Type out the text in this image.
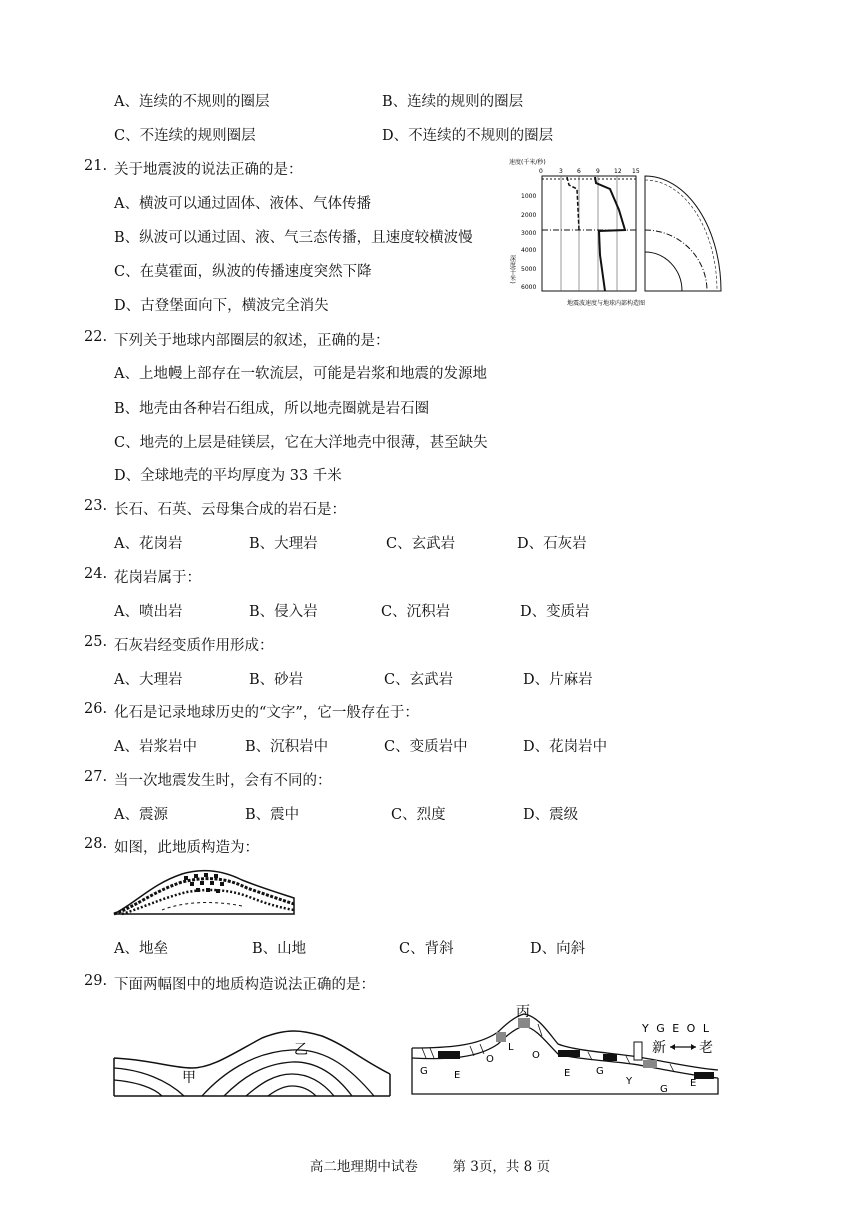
A、连续的不规则的圈层	B、连续的规则的圈层
C、不连续的规则圈层	D、不连续的不规则的圈层
21. 关于地震波的说法正确的是：
A、横波可以通过固体、液体、气体传播
B、纵波可以通过固、液、气三态传播，且速度较横波慢
C、在莫霍面，纵波的传播速度突然下降
D、古登堡面向下，横波完全消失
速度(千米/秒)
0	3 6	9 12 15
1000
2000
3000
4000
5000
6000
深度(千米)
地震波速度与地球内部构造图
22. 下列关于地球内部圈层的叙述，正确的是：
A、上地幔上部存在一软流层，可能是岩浆和地震的发源地
B、地壳由各种岩石组成，所以地壳圈就是岩石圈
C、地壳的上层是硅镁层，它在大洋地壳中很薄，甚至缺失
D、全球地壳的平均厚度为 33 千米
23. 长石、石英、云母集合成的岩石是：
A、花岗岩	B、大理岩	C、玄武岩	D、石灰岩
24. 花岗岩属于：
A、喷出岩	B、侵入岩	C、沉积岩	D、变质岩
25. 石灰岩经变质作用形成：
A、大理岩	B、砂岩	C、玄武岩	D、片麻岩
26. 化石是记录地球历史的“文字”，它一般存在于：
A、岩浆岩中	B、沉积岩中	C、变质岩中	D、花岗岩中
27. 当一次地震发生时，会有不同的：
A、震源	B、震中	C、烈度	D、震级
28. 如图，此地质构造为：
A、地垒	B、山地	C、背斜	D、向斜
29. 下面两幅图中的地质构造说法正确的是：
甲
乙
丙
Y G E O L
新 老
G	E
O
L
O
E	G
Y
G
E
高二地理期中试卷	第 3页，共 8 页
